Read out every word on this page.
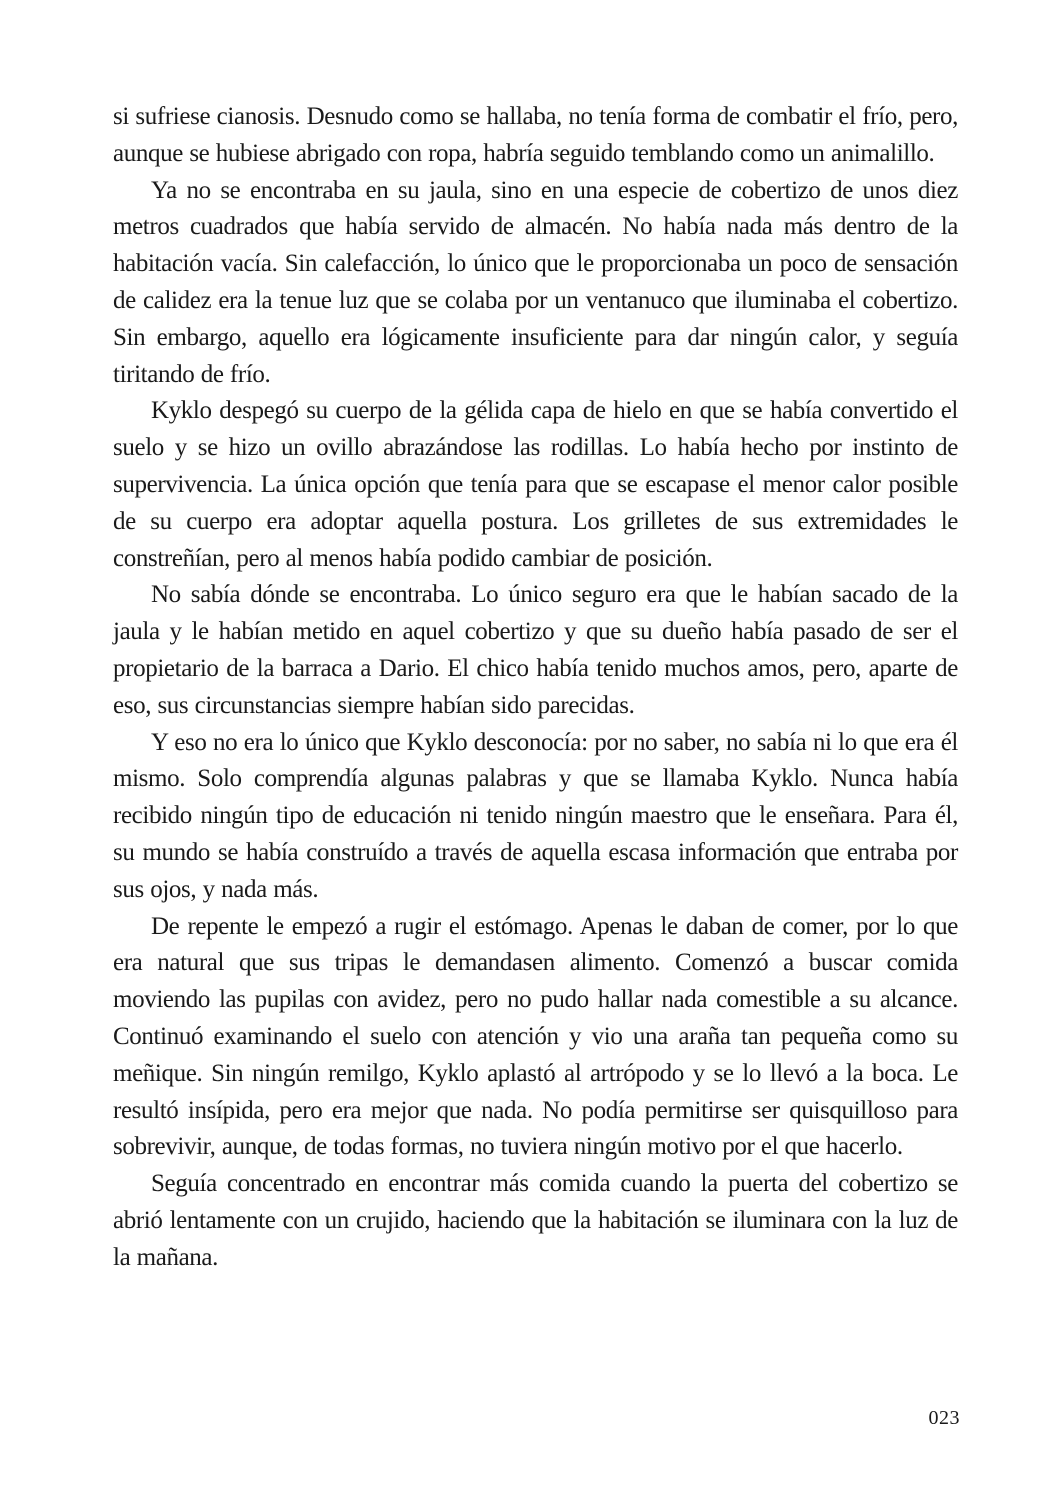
si sufriese cianosis. Desnudo como se hallaba, no tenía forma de combatir el frío, pero, aunque se hubiese abrigado con ropa, habría seguido temblando como un animalillo.

Ya no se encontraba en su jaula, sino en una especie de cobertizo de unos diez metros cuadrados que había servido de almacén. No había nada más dentro de la habitación vacía. Sin calefacción, lo único que le proporcionaba un poco de sensación de calidez era la tenue luz que se colaba por un ventanuco que iluminaba el cobertizo. Sin embargo, aquello era lógicamente insuficiente para dar ningún calor, y seguía tiritando de frío.

Kyklo despegó su cuerpo de la gélida capa de hielo en que se había convertido el suelo y se hizo un ovillo abrazándose las rodillas. Lo había hecho por instinto de supervivencia. La única opción que tenía para que se escapase el menor calor posible de su cuerpo era adoptar aquella postura. Los grilletes de sus extremidades le constreñían, pero al menos había podido cambiar de posición.

No sabía dónde se encontraba. Lo único seguro era que le habían sacado de la jaula y le habían metido en aquel cobertizo y que su dueño había pasado de ser el propietario de la barraca a Dario. El chico había tenido muchos amos, pero, aparte de eso, sus circunstancias siempre habían sido parecidas.

Y eso no era lo único que Kyklo desconocía: por no saber, no sabía ni lo que era él mismo. Solo comprendía algunas palabras y que se llamaba Kyklo. Nunca había recibido ningún tipo de educación ni tenido ningún maestro que le enseñara. Para él, su mundo se había construído a través de aquella escasa información que entraba por sus ojos, y nada más.

De repente le empezó a rugir el estómago. Apenas le daban de comer, por lo que era natural que sus tripas le demandasen alimento. Comenzó a buscar comida moviendo las pupilas con avidez, pero no pudo hallar nada comestible a su alcance. Continuó examinando el suelo con atención y vio una araña tan pequeña como su meñique. Sin ningún remilgo, Kyklo aplastó al artrópodo y se lo llevó a la boca. Le resultó insípida, pero era mejor que nada. No podía permitirse ser quisquilloso para sobrevivir, aunque, de todas formas, no tuviera ningún motivo por el que hacerlo.

Seguía concentrado en encontrar más comida cuando la puerta del cobertizo se abrió lentamente con un crujido, haciendo que la habitación se iluminara con la luz de la mañana.

023
